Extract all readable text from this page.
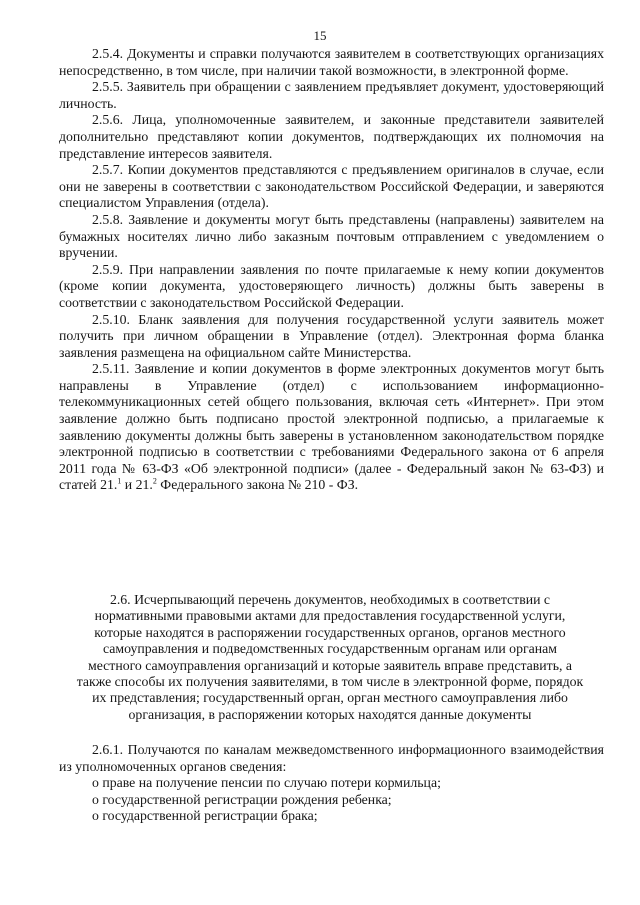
15

2.5.4. Документы и справки получаются заявителем в соответствующих организациях непосредственно, в том числе, при наличии такой возможности, в электронной форме.

2.5.5. Заявитель при обращении с заявлением предъявляет документ, удостоверяющий личность.

2.5.6. Лица, уполномоченные заявителем, и законные представители заявителей дополнительно представляют копии документов, подтверждающих их полномочия на представление интересов заявителя.

2.5.7. Копии документов представляются с предъявлением оригиналов в случае, если они не заверены в соответствии с законодательством Российской Федерации, и заверяются специалистом Управления (отдела).

2.5.8. Заявление и документы могут быть представлены (направлены) заявителем на бумажных носителях лично либо заказным почтовым отправлением с уведомлением о вручении.

2.5.9. При направлении заявления по почте прилагаемые к нему копии документов (кроме копии документа, удостоверяющего личность) должны быть заверены в соответствии с законодательством Российской Федерации.

2.5.10. Бланк заявления для получения государственной услуги заявитель может получить при личном обращении в Управление (отдел). Электронная форма бланка заявления размещена на официальном сайте Министерства.

2.5.11. Заявление и копии документов в форме электронных документов могут быть направлены в Управление (отдел) с использованием информационно-телекоммуникационных сетей общего пользования, включая сеть «Интернет». При этом заявление должно быть подписано простой электронной подписью, а прилагаемые к заявлению документы должны быть заверены в установленном законодательством порядке электронной подписью в соответствии с требованиями Федерального закона от 6 апреля 2011 года № 63-ФЗ «Об электронной подписи» (далее - Федеральный закон № 63-ФЗ) и статей 21.$^1$ и 21.$^2$ Федерального закона № 210 - ФЗ.

2.6. Исчерпывающий перечень документов, необходимых в соответствии с нормативными правовыми актами для предоставления государственной услуги, которые находятся в распоряжении государственных органов, органов местного самоуправления и подведомственных государственным органам или органам местного самоуправления организаций и которые заявитель вправе представить, а также способы их получения заявителями, в том числе в электронной форме, порядок их представления; государственный орган, орган местного самоуправления либо организация, в распоряжении которых находятся данные документы

2.6.1. Получаются по каналам межведомственного информационного взаимодействия из уполномоченных органов сведения:

о праве на получение пенсии по случаю потери кормильца;

о государственной регистрации рождения ребенка;

о государственной регистрации брака;
